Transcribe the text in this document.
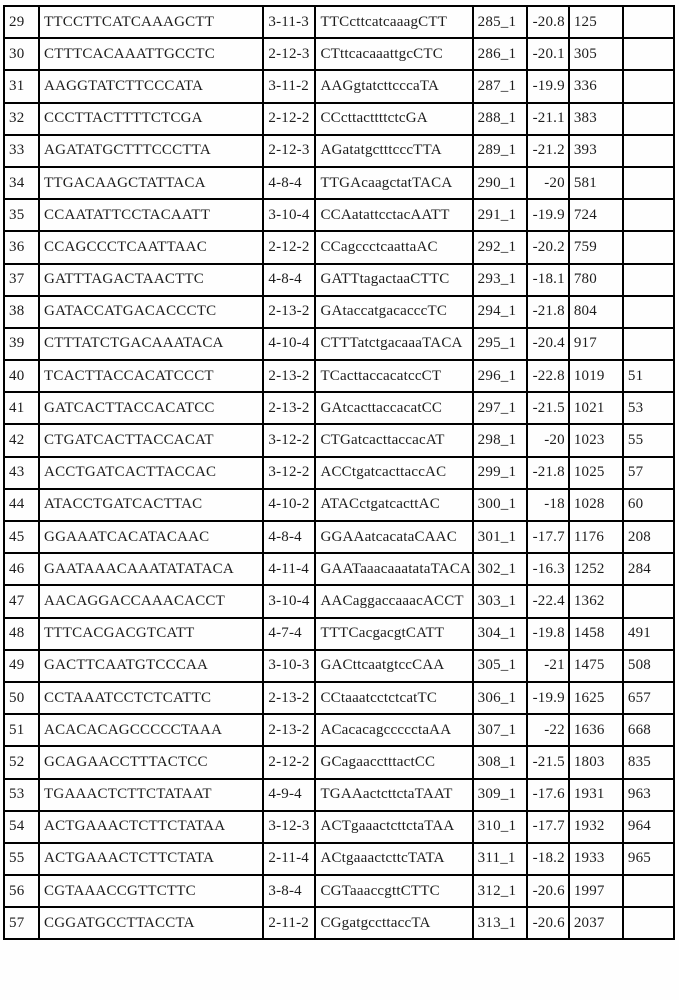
29	TTCCTTCATCAAAGCTT	3-11-3	TTCcttcatcaaagCTT	285_1	-20.8	125	
30	CTTTCACAAATTGCCTC	2-12-3	CTttcacaaattgcCTC	286_1	-20.1	305	
31	AAGGTATCTTCCCATA	3-11-2	AAGgtatcttcccaTA	287_1	-19.9	336	
32	CCCTTACTTTTCTCGA	2-12-2	CCcttacttttctcGA	288_1	-21.1	383	
33	AGATATGCTTTCCCTTA	2-12-3	AGatatgctttcccTTA	289_1	-21.2	393	
34	TTGACAAGCTATTACA	4-8-4	TTGAcaagctatTACA	290_1	-20	581	
35	CCAATATTCCTACAATT	3-10-4	CCAatattcctacAATT	291_1	-19.9	724	
36	CCAGCCCTCAATTAAC	2-12-2	CCagccctcaattaAC	292_1	-20.2	759	
37	GATTTAGACTAACTTC	4-8-4	GATTtagactaaCTTC	293_1	-18.1	780	
38	GATACCATGACACCCTC	2-13-2	GAtaccatgacacccTC	294_1	-21.8	804	
39	CTTTATCTGACAAATACA	4-10-4	CTTTatctgacaaaTACA	295_1	-20.4	917	
40	TCACTTACCACATCCCT	2-13-2	TCacttaccacatccCT	296_1	-22.8	1019	51
41	GATCACTTACCACATCC	2-13-2	GAtcacttaccacatCC	297_1	-21.5	1021	53
42	CTGATCACTTACCACAT	3-12-2	CTGatcacttaccacAT	298_1	-20	1023	55
43	ACCTGATCACTTACCAC	3-12-2	ACCtgatcacttaccAC	299_1	-21.8	1025	57
44	ATACCTGATCACTTAC	4-10-2	ATACctgatcacttAC	300_1	-18	1028	60
45	GGAAATCACATACAAC	4-8-4	GGAAatcacataCAAC	301_1	-17.7	1176	208
46	GAATAAACAAATATATACA	4-11-4	GAATaaacaaatataTACA	302_1	-16.3	1252	284
47	AACAGGACCAAACACCT	3-10-4	AACaggaccaaacACCT	303_1	-22.4	1362	
48	TTTCACGACGTCATT	4-7-4	TTTCacgacgtCATT	304_1	-19.8	1458	491
49	GACTTCAATGTCCCAA	3-10-3	GACttcaatgtccCAA	305_1	-21	1475	508
50	CCTAAATCCTCTCATTC	2-13-2	CCtaaatcctctcatTC	306_1	-19.9	1625	657
51	ACACACAGCCCCCTAAA	2-13-2	ACacacagccccctaAA	307_1	-22	1636	668
52	GCAGAACCTTTACTCC	2-12-2	GCagaacctttactCC	308_1	-21.5	1803	835
53	TGAAACTCTTCTATAAT	4-9-4	TGAAactcttctaTAAT	309_1	-17.6	1931	963
54	ACTGAAACTCTTCTATAA	3-12-3	ACTgaaactcttctaTAA	310_1	-17.7	1932	964
55	ACTGAAACTCTTCTATA	2-11-4	ACtgaaactcttcTATA	311_1	-18.2	1933	965
56	CGTAAACCGTTCTTC	3-8-4	CGTaaaccgttCTTC	312_1	-20.6	1997	
57	CGGATGCCTTACCTA	2-11-2	CGgatgccttaccTA	313_1	-20.6	2037	
